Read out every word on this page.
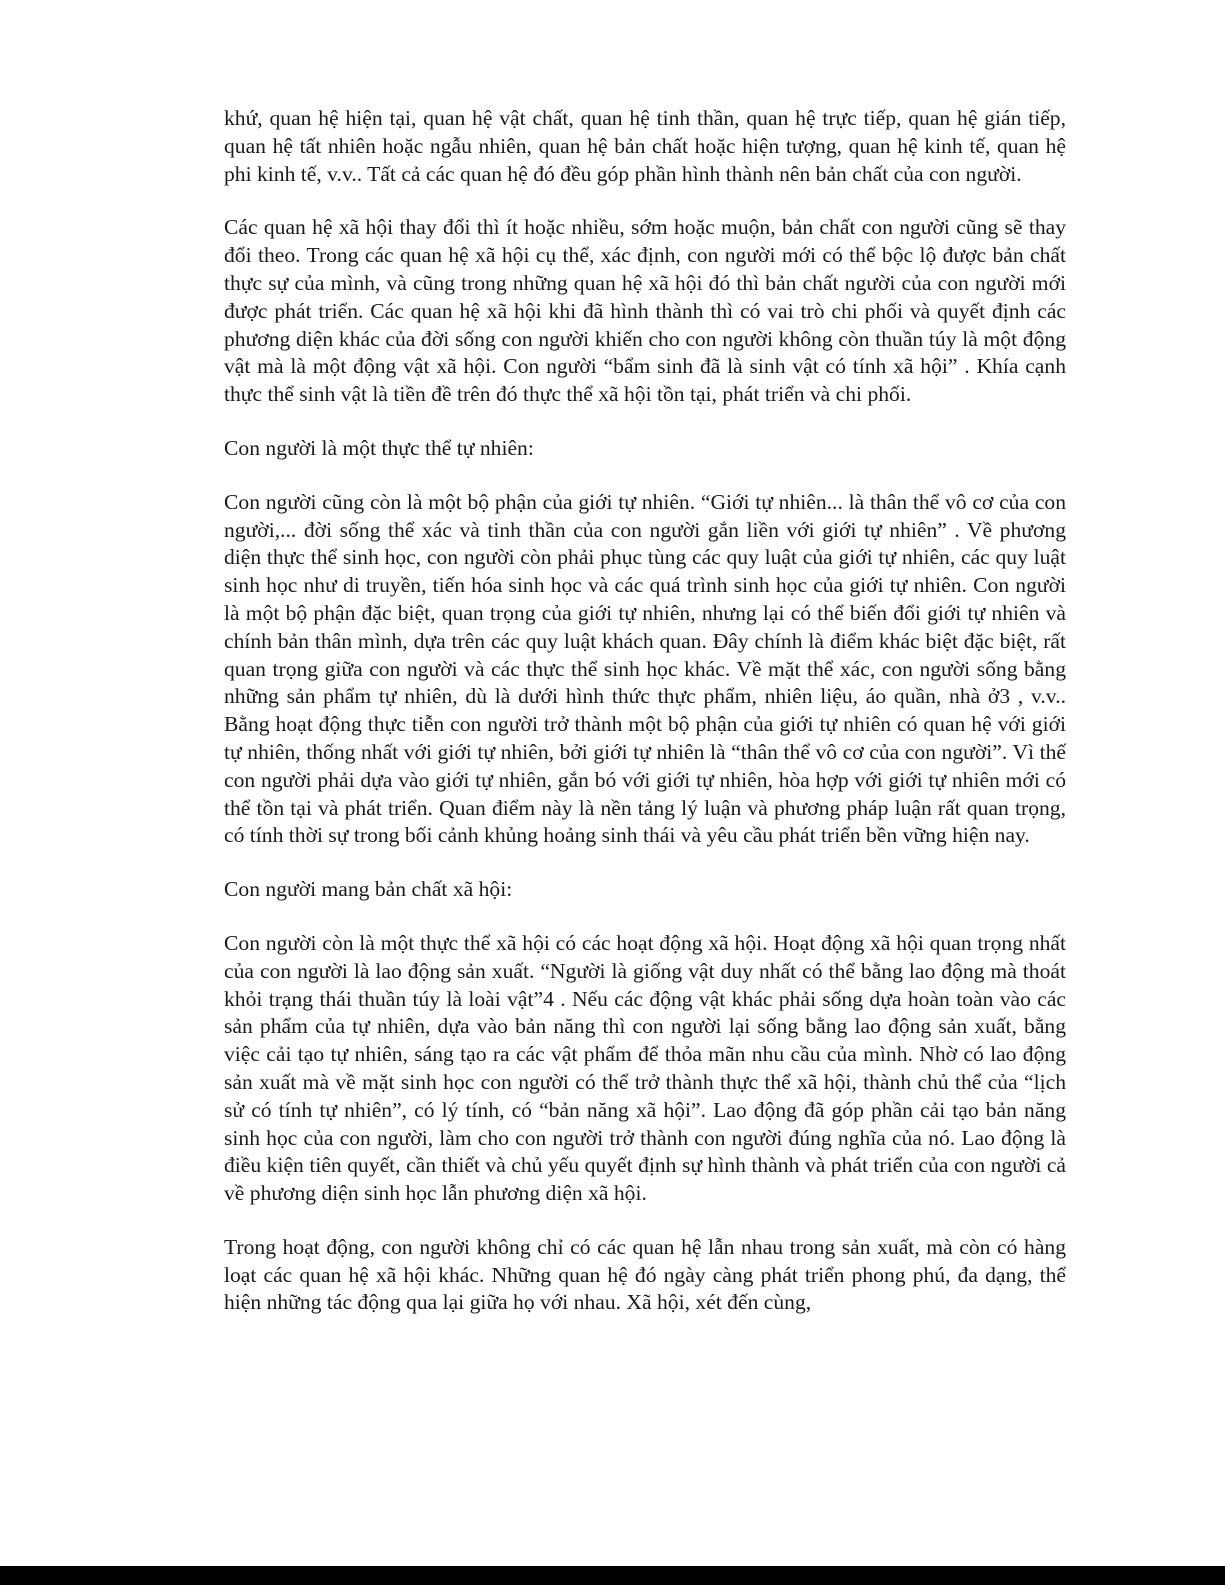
khứ, quan hệ hiện tại, quan hệ vật chất, quan hệ tinh thần, quan hệ trực tiếp, quan hệ gián tiếp, quan hệ tất nhiên hoặc ngẫu nhiên, quan hệ bản chất hoặc hiện tượng, quan hệ kinh tế, quan hệ phi kinh tế, v.v.. Tất cả các quan hệ đó đều góp phần hình thành nên bản chất của con người.

Các quan hệ xã hội thay đổi thì ít hoặc nhiều, sớm hoặc muộn, bản chất con người cũng sẽ thay đổi theo. Trong các quan hệ xã hội cụ thể, xác định, con người mới có thể bộc lộ được bản chất thực sự của mình, và cũng trong những quan hệ xã hội đó thì bản chất người của con người mới được phát triển. Các quan hệ xã hội khi đã hình thành thì có vai trò chi phối và quyết định các phương diện khác của đời sống con người khiến cho con người không còn thuần túy là một động vật mà là một động vật xã hội. Con người “bẩm sinh đã là sinh vật có tính xã hội” . Khía cạnh thực thể sinh vật là tiền đề trên đó thực thể xã hội tồn tại, phát triển và chi phối.

Con người là một thực thể tự nhiên:

Con người cũng còn là một bộ phận của giới tự nhiên. “Giới tự nhiên... là thân thể vô cơ của con người,... đời sống thể xác và tinh thần của con người gắn liền với giới tự nhiên” . Về phương diện thực thể sinh học, con người còn phải phục tùng các quy luật của giới tự nhiên, các quy luật sinh học như di truyền, tiến hóa sinh học và các quá trình sinh học của giới tự nhiên. Con người là một bộ phận đặc biệt, quan trọng của giới tự nhiên, nhưng lại có thể biến đổi giới tự nhiên và chính bản thân mình, dựa trên các quy luật khách quan. Đây chính là điểm khác biệt đặc biệt, rất quan trọng giữa con người và các thực thể sinh học khác. Về mặt thể xác, con người sống bằng những sản phẩm tự nhiên, dù là dưới hình thức thực phẩm, nhiên liệu, áo quần, nhà ở3 , v.v.. Bằng hoạt động thực tiễn con người trở thành một bộ phận của giới tự nhiên có quan hệ với giới tự nhiên, thống nhất với giới tự nhiên, bởi giới tự nhiên là “thân thể vô cơ của con người”. Vì thế con người phải dựa vào giới tự nhiên, gắn bó với giới tự nhiên, hòa hợp với giới tự nhiên mới có thể tồn tại và phát triển. Quan điểm này là nền tảng lý luận và phương pháp luận rất quan trọng, có tính thời sự trong bối cảnh khủng hoảng sinh thái và yêu cầu phát triển bền vững hiện nay.

Con người mang bản chất xã hội:

Con người còn là một thực thể xã hội có các hoạt động xã hội. Hoạt động xã hội quan trọng nhất của con người là lao động sản xuất. “Người là giống vật duy nhất có thể bằng lao động mà thoát khỏi trạng thái thuần túy là loài vật”4 . Nếu các động vật khác phải sống dựa hoàn toàn vào các sản phẩm của tự nhiên, dựa vào bản năng thì con người lại sống bằng lao động sản xuất, bằng việc cải tạo tự nhiên, sáng tạo ra các vật phẩm để thỏa mãn nhu cầu của mình. Nhờ có lao động sản xuất mà về mặt sinh học con người có thể trở thành thực thể xã hội, thành chủ thể của “lịch sử có tính tự nhiên”, có lý tính, có “bản năng xã hội”. Lao động đã góp phần cải tạo bản năng sinh học của con người, làm cho con người trở thành con người đúng nghĩa của nó. Lao động là điều kiện tiên quyết, cần thiết và chủ yếu quyết định sự hình thành và phát triển của con người cả về phương diện sinh học lẫn phương diện xã hội.

Trong hoạt động, con người không chỉ có các quan hệ lẫn nhau trong sản xuất, mà còn có hàng loạt các quan hệ xã hội khác. Những quan hệ đó ngày càng phát triển phong phú, đa dạng, thể hiện những tác động qua lại giữa họ với nhau. Xã hội, xét đến cùng,
